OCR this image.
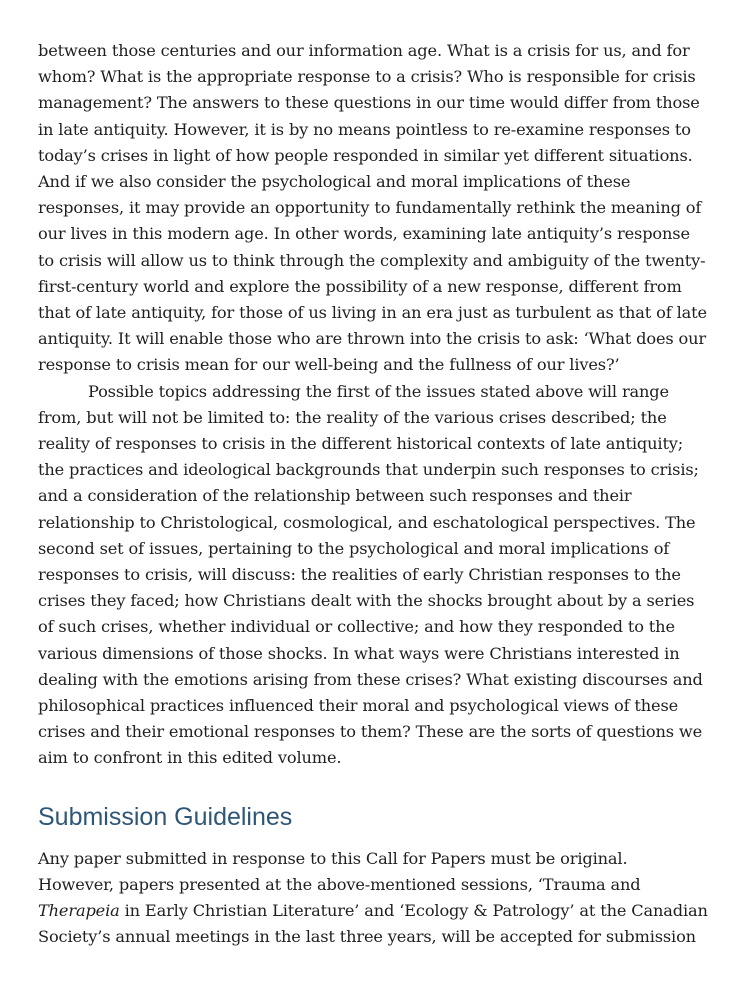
between those centuries and our information age. What is a crisis for us, and for whom? What is the appropriate response to a crisis? Who is responsible for crisis management? The answers to these questions in our time would differ from those in late antiquity. However, it is by no means pointless to re-examine responses to today’s crises in light of how people responded in similar yet different situations. And if we also consider the psychological and moral implications of these responses, it may provide an opportunity to fundamentally rethink the meaning of our lives in this modern age. In other words, examining late antiquity’s response to crisis will allow us to think through the complexity and ambiguity of the twenty-first-century world and explore the possibility of a new response, different from that of late antiquity, for those of us living in an era just as turbulent as that of late antiquity. It will enable those who are thrown into the crisis to ask: ‘What does our response to crisis mean for our well-being and the fullness of our lives?’

Possible topics addressing the first of the issues stated above will range from, but will not be limited to: the reality of the various crises described; the reality of responses to crisis in the different historical contexts of late antiquity; the practices and ideological backgrounds that underpin such responses to crisis; and a consideration of the relationship between such responses and their relationship to Christological, cosmological, and eschatological perspectives. The second set of issues, pertaining to the psychological and moral implications of responses to crisis, will discuss: the realities of early Christian responses to the crises they faced; how Christians dealt with the shocks brought about by a series of such crises, whether individual or collective; and how they responded to the various dimensions of those shocks. In what ways were Christians interested in dealing with the emotions arising from these crises? What existing discourses and philosophical practices influenced their moral and psychological views of these crises and their emotional responses to them? These are the sorts of questions we aim to confront in this edited volume.

Submission Guidelines

Any paper submitted in response to this Call for Papers must be original. However, papers presented at the above-mentioned sessions, ‘Trauma and Therapeia in Early Christian Literature’ and ‘Ecology & Patrology’ at the Canadian Society’s annual meetings in the last three years, will be accepted for submission
